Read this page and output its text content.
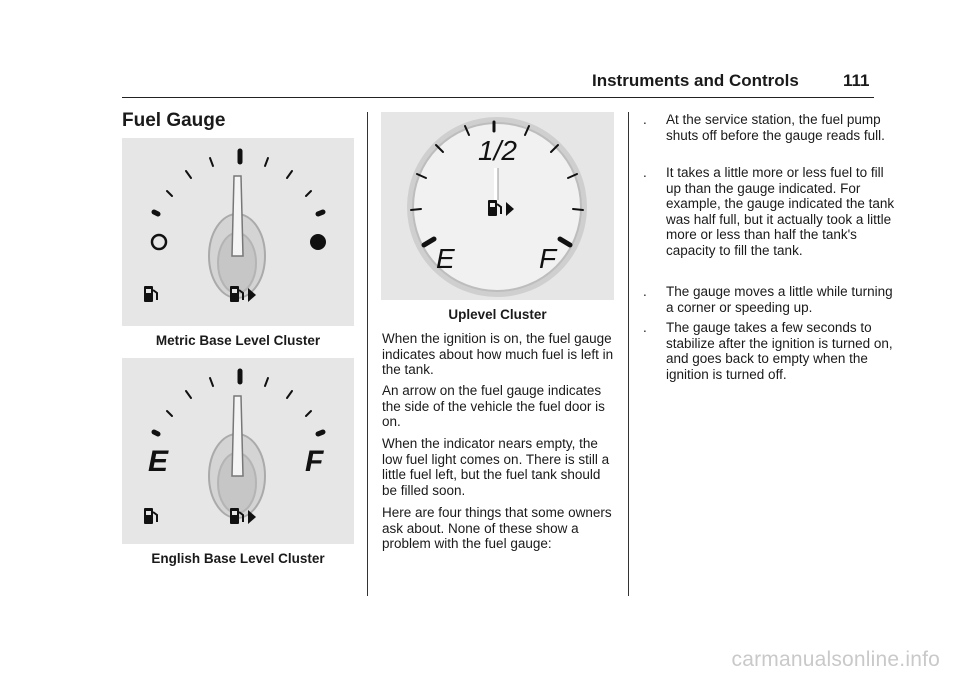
Instruments and Controls	111
Fuel Gauge
Metric Base Level Cluster
E	F
English Base Level Cluster
1/2
E	F
Uplevel Cluster
When the ignition is on, the fuel gauge indicates about how much fuel is left in the tank.
An arrow on the fuel gauge indicates the side of the vehicle the fuel door is on.
When the indicator nears empty, the low fuel light comes on. There is still a little fuel left, but the fuel tank should be filled soon.
Here are four things that some owners ask about. None of these show a problem with the fuel gauge:
. At the service station, the fuel pump shuts off before the gauge reads full.
. It takes a little more or less fuel to fill up than the gauge indicated. For example, the gauge indicated the tank was half full, but it actually took a little more or less than half the tank's capacity to fill the tank.
. The gauge moves a little while turning a corner or speeding up.
. The gauge takes a few seconds to stabilize after the ignition is turned on, and goes back to empty when the ignition is turned off.
carmanualsonline.info
